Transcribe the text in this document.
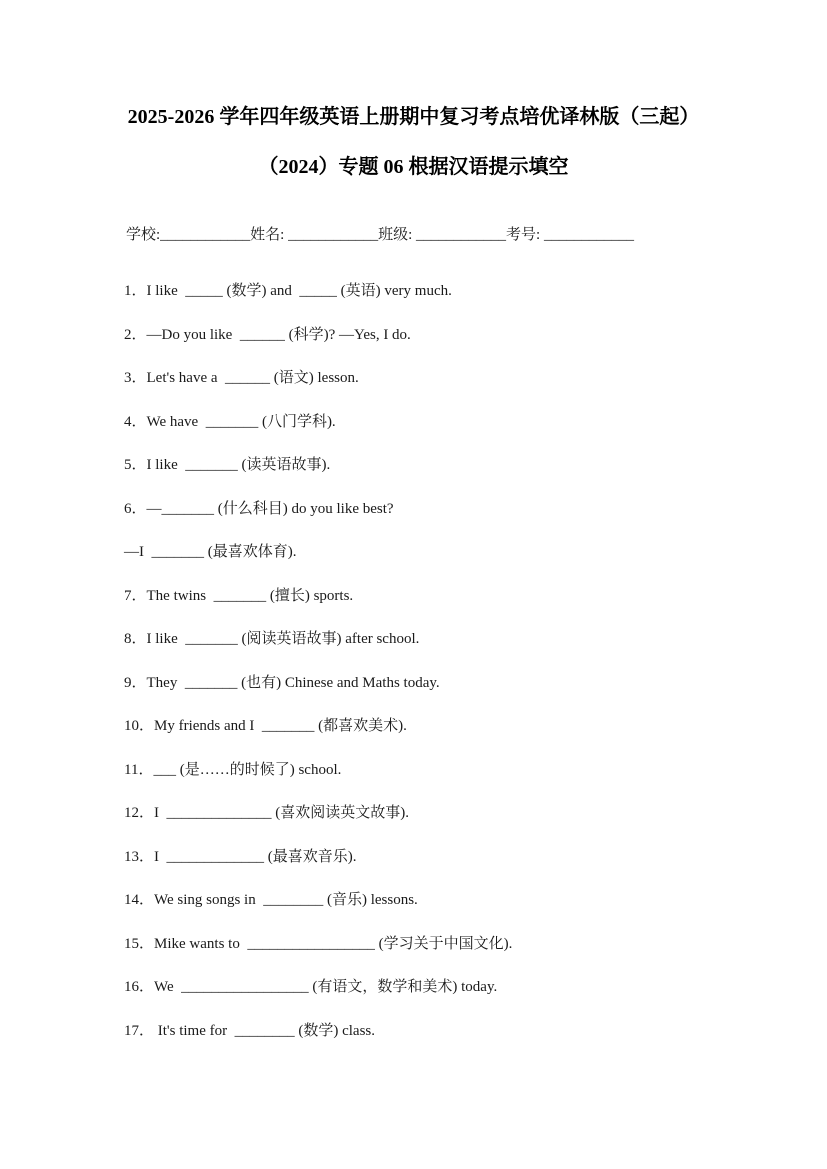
2025-2026 学年四年级英语上册期中复习考点培优译林版（三起）
（2024）专题 06 根据汉语提示填空
学校:____________ 姓名: ____________ 班级: ____________ 考号: ____________
1．I like  _____ (数学) and  _____ (英语) very much.
2．—Do you like  ______ (科学)? —Yes, I do.
3．Let's have a  ______ (语文) lesson.
4．We have  _______ (八门学科).
5．I like  _______ (读英语故事).
6．—_______ (什么科目) do you like best?
—I  _______ (最喜欢体育).
7．The twins  _______ (擅长) sports.
8．I like  _______ (阅读英语故事) after school.
9．They  _______ (也有) Chinese and Maths today.
10．My friends and I  _______ (都喜欢美术).
11．___ (是……的时候了) school.
12．I  ______________ (喜欢阅读英文故事).
13．I  _____________ (最喜欢音乐).
14．We sing songs in  ________ (音乐) lessons.
15．Mike wants to  _________________ (学习关于中国文化).
16．We  _________________ (有语文，数学和美术) today.
17． It's time for  ________ (数学) class.
